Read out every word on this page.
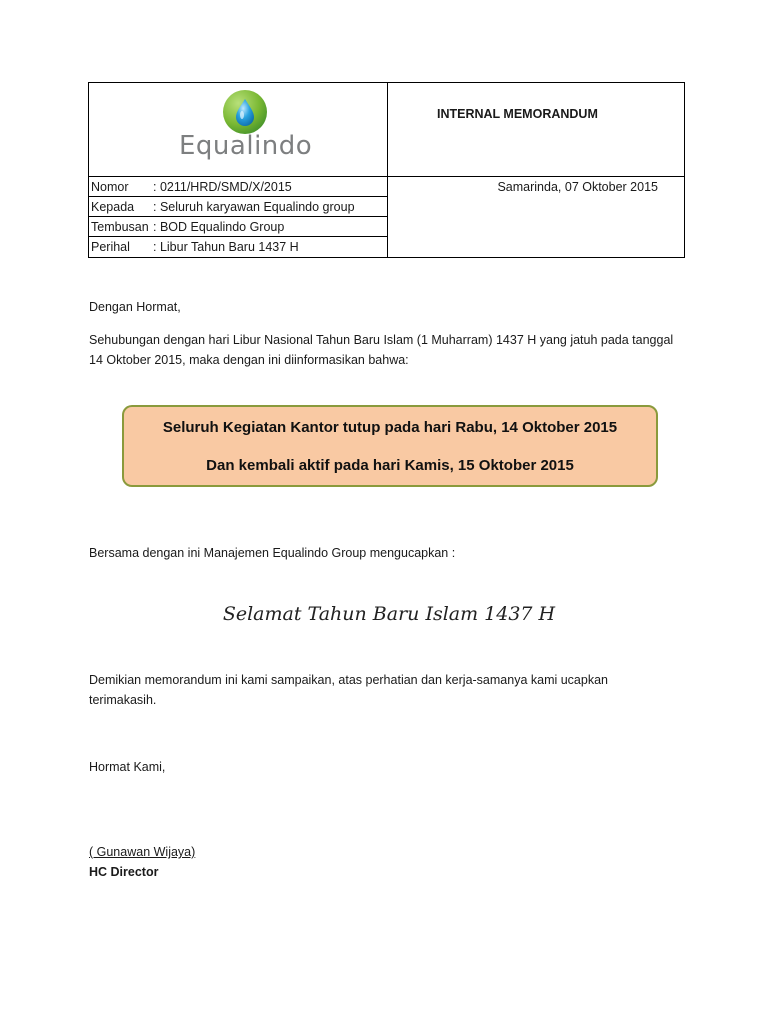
Equalindo
INTERNAL MEMORANDUM
Nomor : 0211/HRD/SMD/X/2015
Kepada : Seluruh karyawan Equalindo group
Tembusan : BOD Equalindo Group
Perihal : Libur Tahun Baru 1437 H
Samarinda, 07 Oktober 2015
Dengan Hormat,
Sehubungan dengan hari Libur Nasional Tahun Baru Islam (1 Muharram) 1437 H yang jatuh pada tanggal
14 Oktober 2015, maka dengan ini diinformasikan bahwa:
Seluruh Kegiatan Kantor tutup pada hari Rabu, 14 Oktober 2015
Dan kembali aktif pada hari Kamis, 15 Oktober 2015
Bersama dengan ini Manajemen Equalindo Group mengucapkan :
Selamat Tahun Baru Islam 1437 H
Demikian memorandum ini kami sampaikan, atas perhatian dan kerja-samanya kami ucapkan
terimakasih.
Hormat Kami,
( Gunawan Wijaya)
HC Director
